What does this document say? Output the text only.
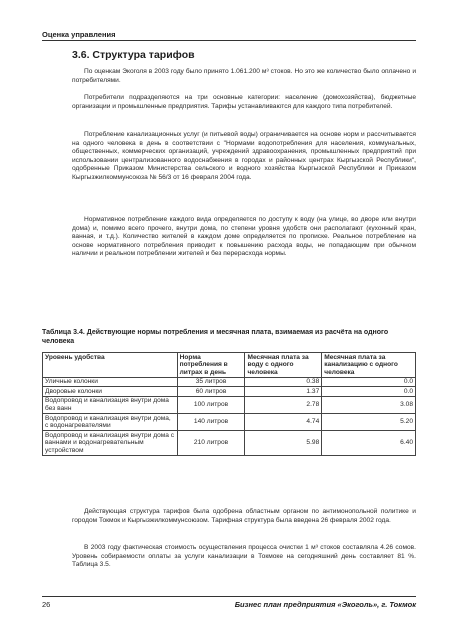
Оценка управления
3.6. Структура тарифов

По оценкам Экоголя в 2003 году было принято 1.061.200 м³ стоков. Но это же количество было оплачено и потребителями.

Потребители подразделяются на три основные категории: население (домохозяйства), бюджетные организации и промышленные предприятия. Тарифы устанавливаются для каждого типа потребителей.

Потребление канализационных услуг (и питьевой воды) ограничивается на основе норм и рассчитывается на одного человека в день в соответствии с "Нормами водопотребления для населения, коммунальных, общественных, коммерческих организаций, учреждений здравоохранения, промышленных предприятий при использовании централизованного водоснабжения в городах и районных центрах Кыргызской Республики", одобренные Приказом Министерства сельского и водного хозяйства Кыргызской Республики и Приказом Кыргызжилкоммунсоюза № 56/3 от 16 февраля 2004 года.

Нормативное потребление каждого вида определяется по доступу к воду (на улице, во дворе или внутри дома) и, помимо всего прочего, внутри дома, по степени уровня удобств они располагают (кухонный кран, ванная, и т.д.). Количество жителей в каждом доме определяется по прописке. Реальное потребление на основе нормативного потребления приводит к повышению расхода воды, не попадающим при обычном наличии и реальном потреблении жителей и без перерасхода нормы.

Таблица 3.4. Действующие нормы потребления и месячная плата, взимаемая из расчёта на одного человека
Уровень удобства	Норма потребления в литрах в день	Месячная плата за воду с одного человека	Месячная плата за канализацию с одного человека
Уличные колонки	35 литров	0.38	0.0
Дворовые колонки	60 литров	1.37	0.0
Водопровод и канализация внутри дома без ванн	100 литров	2.78	3.08
Водопровод и канализация внутри дома, с водонагревателями	140 литров	4.74	5.20
Водопровод и канализация внутри дома с ваннами и водонагревательным устройством	210 литров	5.98	6.40

Действующая структура тарифов была одобрена областным органом по антимонопольной политике и городом Токмок и Кыргызжилкоммунсоюзом. Тарифная структура была введена 26 февраля 2002 года.

В 2003 году фактическая стоимость осуществления процесса очистки 1 м³ стоков составляла 4.26 сомов. Уровень собираемости оплаты за услуги канализации в Токмоке на сегодняшний день составляет 81 %. Таблица 3.5.

26	Бизнес план предприятия «Экоголь», г. Токмок
